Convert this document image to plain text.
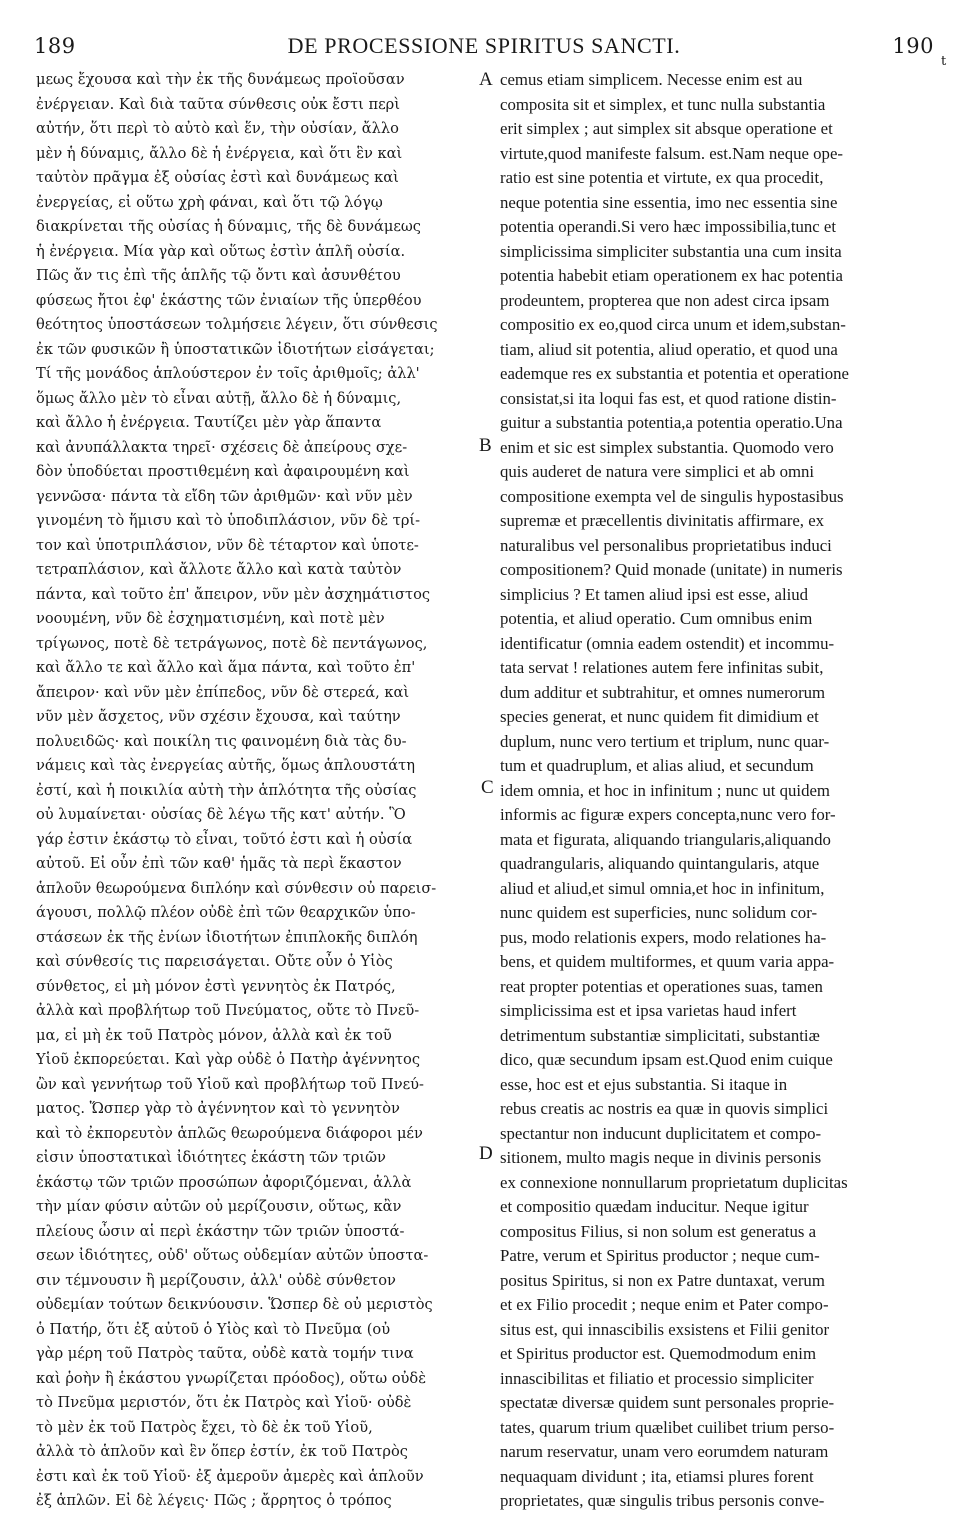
189	DE PROCESSIONE SPIRITUS SANCTI.	190
t
μεως ἔχουσα καὶ τὴν ἐκ τῆς δυνάμεως προϊοῦσαν
ἐνέργειαν. Καὶ διὰ ταῦτα σύνθεσις οὐκ ἔστι περὶ
αὐτήν, ὅτι περὶ τὸ αὐτὸ καὶ ἕν, τὴν οὐσίαν, ἄλλο
μὲν ἡ δύναμις, ἄλλο δὲ ἡ ἐνέργεια, καὶ ὅτι ἓν καὶ
ταὐτὸν πρᾶγμα ἐξ οὐσίας ἐστὶ καὶ δυνάμεως καὶ
ἐνεργείας, εἰ οὕτω χρὴ φάναι, καὶ ὅτι τῷ λόγῳ
διακρίνεται τῆς οὐσίας ἡ δύναμις, τῆς δὲ δυνάμεως
ἡ ἐνέργεια. Μία γὰρ καὶ οὕτως ἐστὶν ἁπλῆ οὐσία.
Πῶς ἄν τις ἐπὶ τῆς ἁπλῆς τῷ ὄντι καὶ ἀσυνθέτου
φύσεως ἤτοι ἐφ' ἑκάστης τῶν ἐνιαίων τῆς ὑπερθέου
θεότητος ὑποστάσεων τολμήσειε λέγειν, ὅτι σύνθεσις
ἐκ τῶν φυσικῶν ἢ ὑποστατικῶν ἰδιοτήτων εἰσάγεται;
Τί τῆς μονάδος ἁπλούστερον ἐν τοῖς ἀριθμοῖς; ἀλλ'
ὅμως ἄλλο μὲν τὸ εἶναι αὐτῇ, ἄλλο δὲ ἡ δύναμις,
καὶ ἄλλο ἡ ἐνέργεια. Ταυτίζει μὲν γὰρ ἅπαντα
καὶ ἀνυπάλλακτα τηρεῖ· σχέσεις δὲ ἀπείρους σχε-
δὸν ὑποδύεται προστιθεμένη καὶ ἀφαιρουμένη καὶ
γεννῶσα· πάντα τὰ εἴδη τῶν ἀριθμῶν· καὶ νῦν μὲν
γινομένη τὸ ἥμισυ καὶ τὸ ὑποδιπλάσιον, νῦν δὲ τρί-
τον καὶ ὑποτριπλάσιον, νῦν δὲ τέταρτον καὶ ὑποτε-
τετραπλάσιον, καὶ ἄλλοτε ἄλλο καὶ κατὰ ταὐτὸν
πάντα, καὶ τοῦτο ἐπ' ἄπειρον, νῦν μὲν ἀσχημάτιστος
νοουμένη, νῦν δὲ ἐσχηματισμένη, καὶ ποτὲ μὲν
τρίγωνος, ποτὲ δὲ τετράγωνος, ποτὲ δὲ πεντάγωνος,
καὶ ἄλλο τε καὶ ἄλλο καὶ ἅμα πάντα, καὶ τοῦτο ἐπ'
ἄπειρον· καὶ νῦν μὲν ἐπίπεδος, νῦν δὲ στερεά, καὶ
νῦν μὲν ἄσχετος, νῦν σχέσιν ἔχουσα, καὶ ταύτην
πολυειδῶς· καὶ ποικίλη τις φαινομένη διὰ τὰς δυ-
νάμεις καὶ τὰς ἐνεργείας αὐτῆς, ὅμως ἁπλουστάτη
ἐστί, καὶ ἡ ποικιλία αὐτὴ τὴν ἁπλότητα τῆς οὐσίας
οὐ λυμαίνεται· οὐσίας δὲ λέγω τῆς κατ' αὐτήν. Ὃ
γάρ ἐστιν ἑκάστῳ τὸ εἶναι, τοῦτό ἐστι καὶ ἡ οὐσία
αὐτοῦ. Εἰ οὖν ἐπὶ τῶν καθ' ἡμᾶς τὰ περὶ ἕκαστον
ἁπλοῦν θεωρούμενα διπλόην καὶ σύνθεσιν οὐ παρεισ-
άγουσι, πολλῷ πλέον οὐδὲ ἐπὶ τῶν θεαρχικῶν ὑπο-
στάσεων ἐκ τῆς ἐνίων ἰδιοτήτων ἐπιπλοκῆς διπλόη
καὶ σύνθεσίς τις παρεισάγεται. Οὔτε οὖν ὁ Υἱὸς
σύνθετος, εἰ μὴ μόνον ἐστὶ γεννητὸς ἐκ Πατρός,
ἀλλὰ καὶ προβλήτωρ τοῦ Πνεύματος, οὔτε τὸ Πνεῦ-
μα, εἰ μὴ ἐκ τοῦ Πατρὸς μόνον, ἀλλὰ καὶ ἐκ τοῦ
Υἱοῦ ἐκπορεύεται. Καὶ γὰρ οὐδὲ ὁ Πατὴρ ἀγέννητος
ὢν καὶ γεννήτωρ τοῦ Υἱοῦ καὶ προβλήτωρ τοῦ Πνεύ-
ματος. Ὥσπερ γὰρ τὸ ἀγέννητον καὶ τὸ γεννητὸν
καὶ τὸ ἐκπορευτὸν ἁπλῶς θεωρούμενα διάφοροι μέν
εἰσιν ὑποστατικαὶ ἰδιότητες ἑκάστη τῶν τριῶν
ἑκάστῳ τῶν τριῶν προσώπων ἀφοριζόμεναι, ἀλλὰ
τὴν μίαν φύσιν αὐτῶν οὐ μερίζουσιν, οὕτως, κἂν
πλείους ὦσιν αἱ περὶ ἑκάστην τῶν τριῶν ὑποστά-
σεων ἰδιότητες, οὐδ' οὕτως οὐδεμίαν αὐτῶν ὑποστα-
σιν τέμνουσιν ἢ μερίζουσιν, ἀλλ' οὐδὲ σύνθετον
οὐδεμίαν τούτων δεικνύουσιν. Ὥσπερ δὲ οὐ μεριστὸς
ὁ Πατήρ, ὅτι ἐξ αὐτοῦ ὁ Υἱὸς καὶ τὸ Πνεῦμα (οὐ
γὰρ μέρη τοῦ Πατρὸς ταῦτα, οὐδὲ κατὰ τομήν τινα
καὶ ῥοὴν ἢ ἑκάστου γνωρίζεται πρόοδος), οὕτω οὐδὲ
τὸ Πνεῦμα μεριστόν, ὅτι ἐκ Πατρὸς καὶ Υἱοῦ· οὐδὲ
τὸ μὲν ἐκ τοῦ Πατρὸς ἔχει, τὸ δὲ ἐκ τοῦ Υἱοῦ,
ἀλλὰ τὸ ἁπλοῦν καὶ ἓν ὅπερ ἐστίν, ἐκ τοῦ Πατρὸς
ἐστι καὶ ἐκ τοῦ Υἱοῦ· ἐξ ἀμεροῦν ἀμερὲς καὶ ἁπλοῦν
ἐξ ἁπλῶν. Εἰ δὲ λέγεις· Πῶς ; ἄρρητος ὁ τρόπος
cemus etiam simplicem. Necesse enim est au
composita sit et simplex, et tunc nulla substantia
erit simplex ; aut simplex sit absque operatione et
virtute,quod manifeste falsum. est.Nam neque ope-
ratio est sine potentia et virtute, ex qua procedit,
neque potentia sine essentia, imo nec essentia sine
potentia operandi.Si vero hæc impossibilia,tunc et
simplicissima simpliciter substantia una cum insita
potentia habebit etiam operationem ex hac potentia
prodeuntem, propterea que non adest circa ipsam
compositio ex eo,quod circa unum et idem,substan-
tiam, aliud sit potentia, aliud operatio, et quod una
eademque res ex substantia et potentia et operatione
consistat,si ita loqui fas est, et quod ratione distin-
guitur a substantia potentia,a potentia operatio.Una
enim et sic est simplex substantia. Quomodo vero
quis auderet de natura vere simplici et ab omni
compositione exempta vel de singulis hypostasibus
supremæ et præcellentis divinitatis affirmare, ex
naturalibus vel personalibus proprietatibus induci
compositionem? Quid monade (unitate) in numeris
simplicius ? Et tamen aliud ipsi est esse, aliud
potentia, et aliud operatio. Cum omnibus enim
identificatur (omnia eadem ostendit) et incommu-
tata servat ! relationes autem fere infinitas subit,
dum additur et subtrahitur, et omnes numerorum
species generat, et nunc quidem fit dimidium et
duplum, nunc vero tertium et triplum, nunc quar-
tum et quadruplum, et alias aliud, et secundum
idem omnia, et hoc in infinitum ; nunc ut quidem
informis ac figuræ expers concepta,nunc vero for-
mata et figurata, aliquando triangularis,aliquando
quadrangularis, aliquando quintangularis, atque
aliud et aliud,et simul omnia,et hoc in infinitum,
nunc quidem est superficies, nunc solidum cor-
pus, modo relationis expers, modo relationes ha-
bens, et quidem multiformes, et quum varia appa-
reat propter potentias et operationes suas, tamen
simplicissima est et ipsa varietas haud infert
detrimentum substantiæ simplicitati, substantiæ
dico, quæ secundum ipsam est.Quod enim cuique
esse, hoc est et ejus substantia. Si itaque in
rebus creatis ac nostris ea quæ in quovis simplici
spectantur non inducunt duplicitatem et compo-
sitionem, multo magis neque in divinis personis
ex connexione nonnullarum proprietatum duplicitas
et compositio quædam inducitur. Neque igitur
compositus Filius, si non solum est generatus a
Patre, verum et Spiritus productor ; neque cum-
positus Spiritus, si non ex Patre duntaxat, verum
et ex Filio procedit ; neque enim et Pater compo-
situs est, qui innascibilis exsistens et Filii genitor
et Spiritus productor est. Quemodmodum enim
innascibilitas et filiatio et processio simpliciter
spectatæ diversæ quidem sunt personales proprie-
tates, quarum trium quælibet cuilibet trium perso-
narum reservatur, unam vero eorumdem naturam
nequaquam dividunt ; ita, etiamsi plures forent
proprietates, quæ singulis tribus personis conve-
A
B
C
D
